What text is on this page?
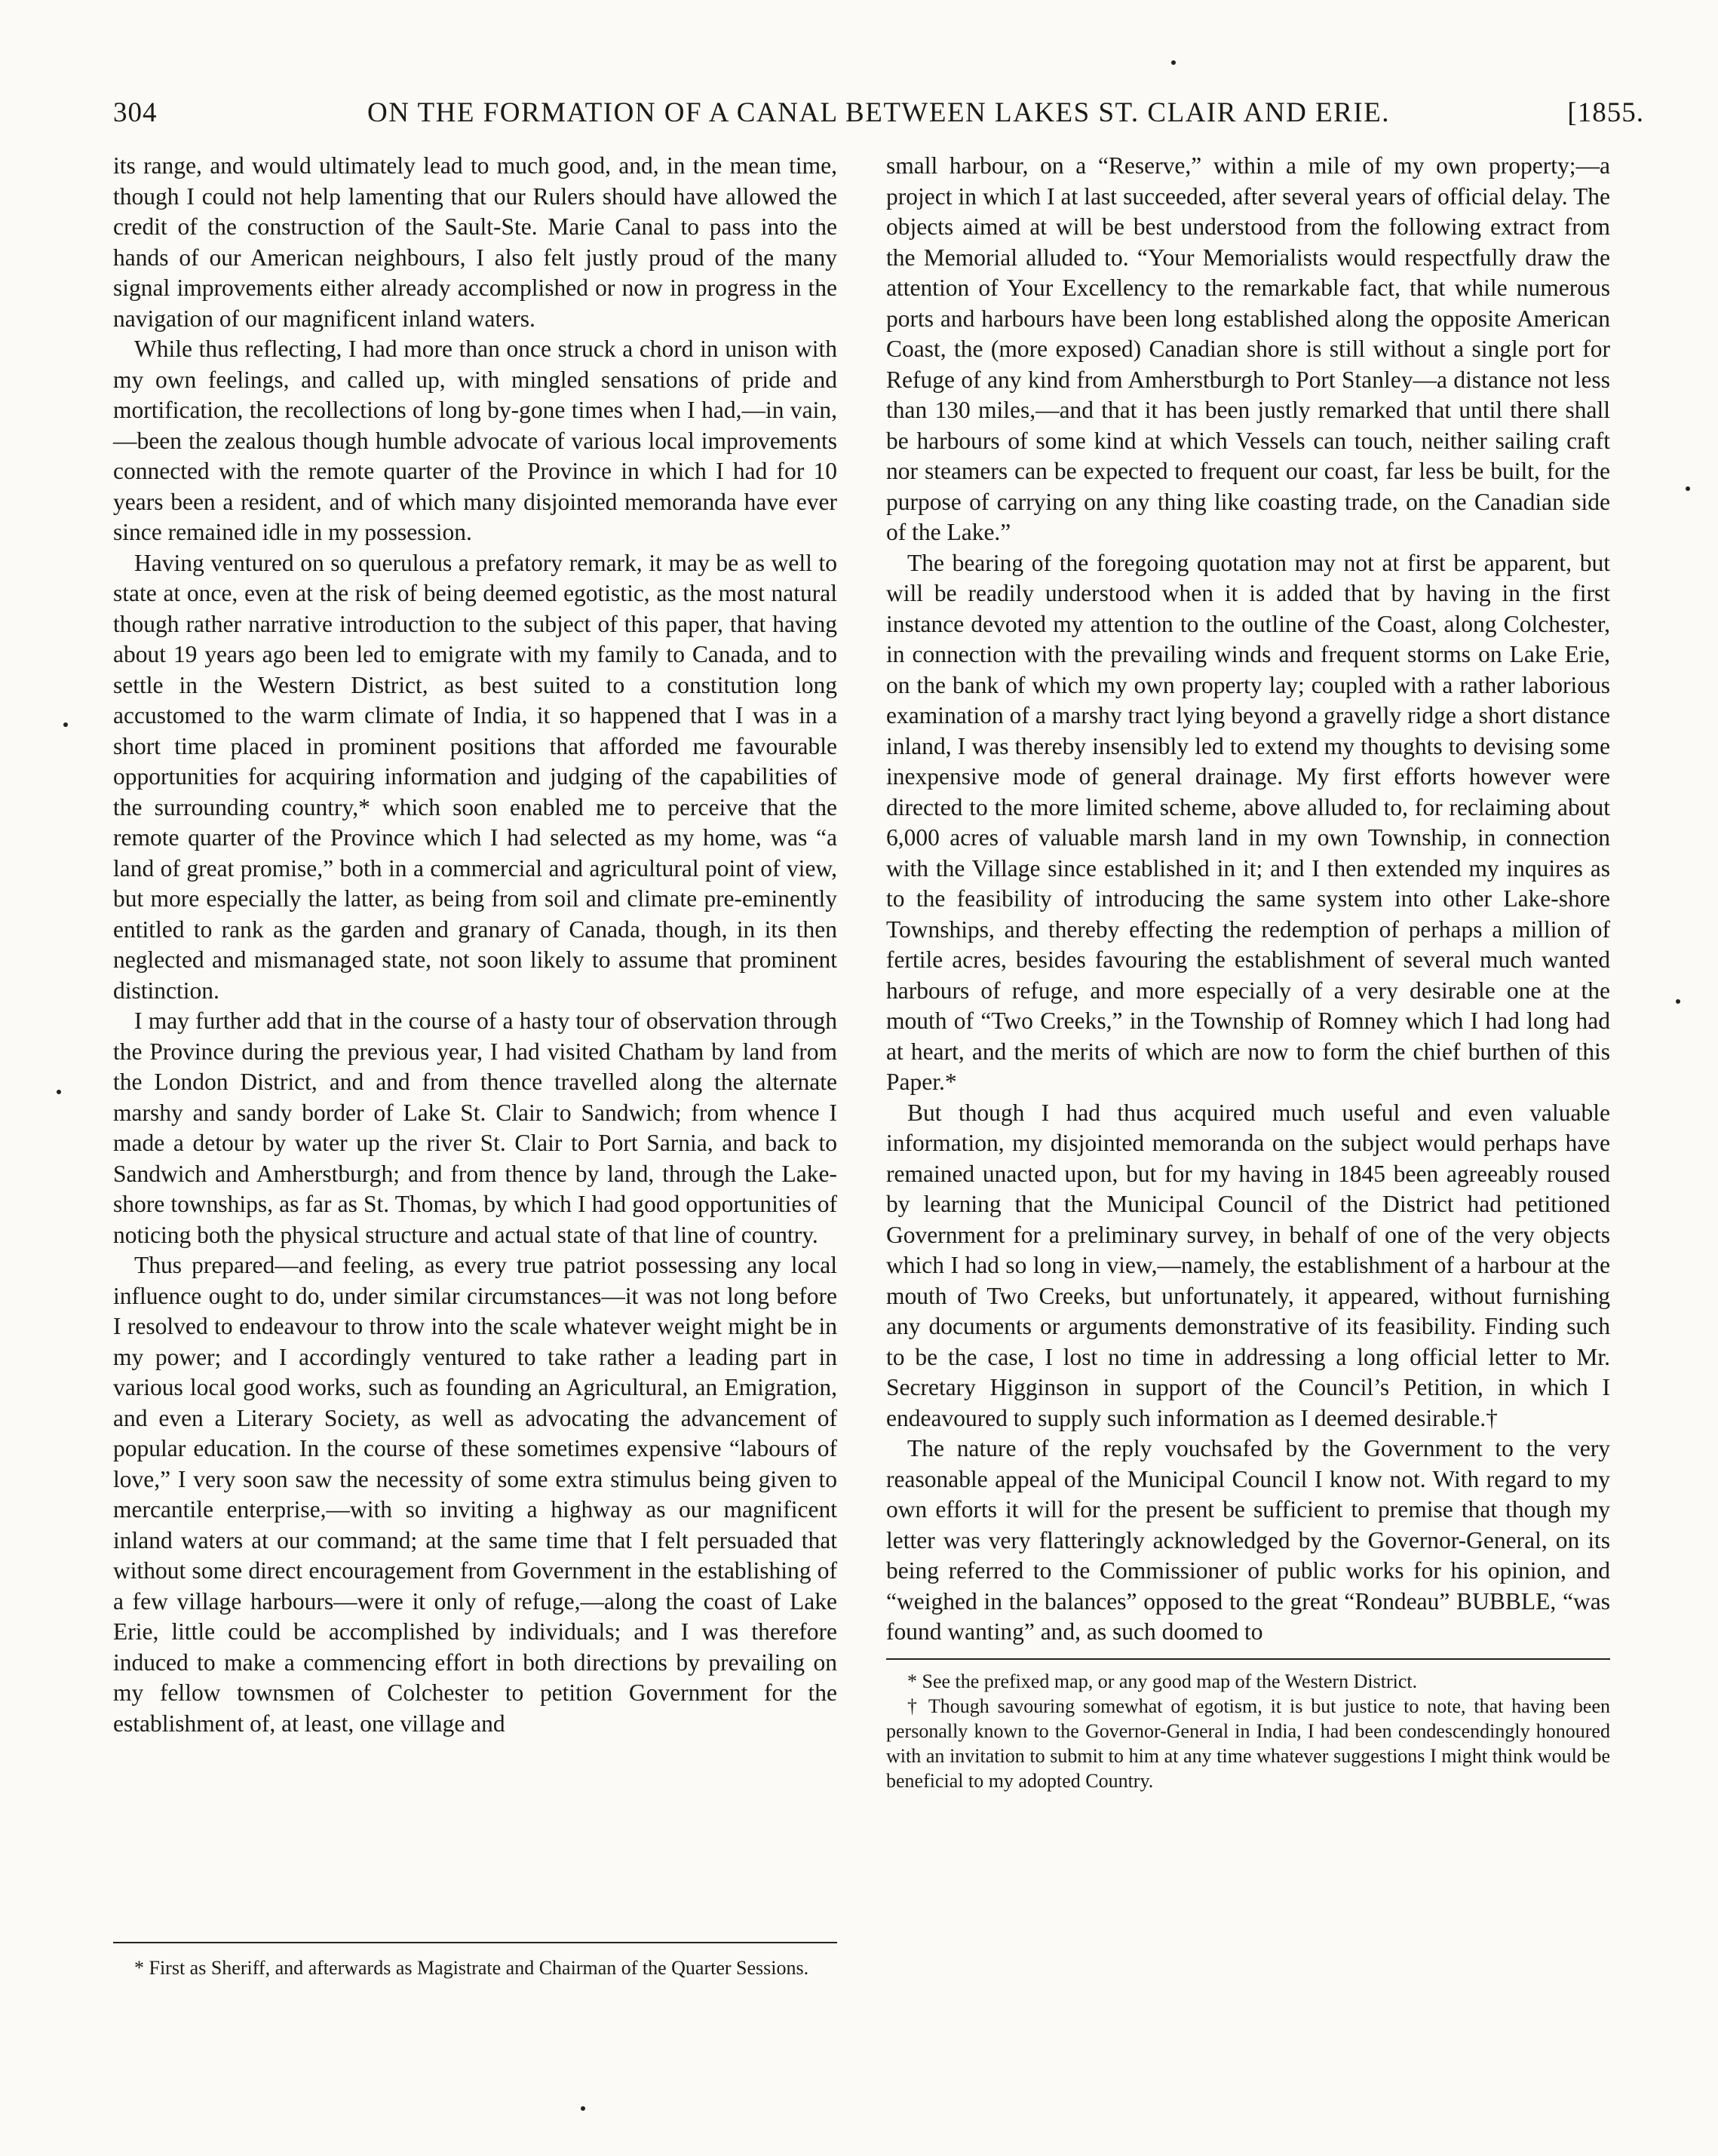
304	ON THE FORMATION OF A CANAL BETWEEN LAKES ST. CLAIR AND ERIE.	[1855.

its range, and would ultimately lead to much good, and, in the mean time, though I could not help lamenting that our Rulers should have allowed the credit of the construction of the Sault-Ste. Marie Canal to pass into the hands of our American neighbours, I also felt justly proud of the many signal improvements either already accomplished or now in progress in the navigation of our magnificent inland waters.

While thus reflecting, I had more than once struck a chord in unison with my own feelings, and called up, with mingled sensations of pride and mortification, the recollections of long by-gone times when I had,—in vain,—been the zealous though humble advocate of various local improvements connected with the remote quarter of the Province in which I had for 10 years been a resident, and of which many disjointed memoranda have ever since remained idle in my possession.

Having ventured on so querulous a prefatory remark, it may be as well to state at once, even at the risk of being deemed egotistic, as the most natural though rather narrative introduction to the subject of this paper, that having about 19 years ago been led to emigrate with my family to Canada, and to settle in the Western District, as best suited to a constitution long accustomed to the warm climate of India, it so happened that I was in a short time placed in prominent positions that afforded me favourable opportunities for acquiring information and judging of the capabilities of the surrounding country,* which soon enabled me to perceive that the remote quarter of the Province which I had selected as my home, was “a land of great promise,” both in a commercial and agricultural point of view, but more especially the latter, as being from soil and climate pre-eminently entitled to rank as the garden and granary of Canada, though, in its then neglected and mismanaged state, not soon likely to assume that prominent distinction.

I may further add that in the course of a hasty tour of observation through the Province during the previous year, I had visited Chatham by land from the London District, and and from thence travelled along the alternate marshy and sandy border of Lake St. Clair to Sandwich; from whence I made a detour by water up the river St. Clair to Port Sarnia, and back to Sandwich and Amherstburgh; and from thence by land, through the Lake-shore townships, as far as St. Thomas, by which I had good opportunities of noticing both the physical structure and actual state of that line of country.

Thus prepared—and feeling, as every true patriot possessing any local influence ought to do, under similar circumstances—it was not long before I resolved to endeavour to throw into the scale whatever weight might be in my power; and I accordingly ventured to take rather a leading part in various local good works, such as founding an Agricultural, an Emigration, and even a Literary Society, as well as advocating the advancement of popular education. In the course of these sometimes expensive “labours of love,” I very soon saw the necessity of some extra stimulus being given to mercantile enterprise,—with so inviting a highway as our magnificent inland waters at our command; at the same time that I felt persuaded that without some direct encouragement from Government in the establishing of a few village harbours—were it only of refuge,—along the coast of Lake Erie, little could be accomplished by individuals; and I was therefore induced to make a commencing effort in both directions by prevailing on my fellow townsmen of Colchester to petition Government for the establishment of, at least, one village and

* First as Sheriff, and afterwards as Magistrate and Chairman of the Quarter Sessions.

small harbour, on a “Reserve,” within a mile of my own property;—a project in which I at last succeeded, after several years of official delay. The objects aimed at will be best understood from the following extract from the Memorial alluded to. “Your Memorialists would respectfully draw the attention of Your Excellency to the remarkable fact, that while numerous ports and harbours have been long established along the opposite American Coast, the (more exposed) Canadian shore is still without a single port for Refuge of any kind from Amherstburgh to Port Stanley—a distance not less than 130 miles,—and that it has been justly remarked that until there shall be harbours of some kind at which Vessels can touch, neither sailing craft nor steamers can be expected to frequent our coast, far less be built, for the purpose of carrying on any thing like coasting trade, on the Canadian side of the Lake.”

The bearing of the foregoing quotation may not at first be apparent, but will be readily understood when it is added that by having in the first instance devoted my attention to the outline of the Coast, along Colchester, in connection with the prevailing winds and frequent storms on Lake Erie, on the bank of which my own property lay; coupled with a rather laborious examination of a marshy tract lying beyond a gravelly ridge a short distance inland, I was thereby insensibly led to extend my thoughts to devising some inexpensive mode of general drainage. My first efforts however were directed to the more limited scheme, above alluded to, for reclaiming about 6,000 acres of valuable marsh land in my own Township, in connection with the Village since established in it; and I then extended my inquires as to the feasibility of introducing the same system into other Lake-shore Townships, and thereby effecting the redemption of perhaps a million of fertile acres, besides favouring the establishment of several much wanted harbours of refuge, and more especially of a very desirable one at the mouth of “Two Creeks,” in the Township of Romney which I had long had at heart, and the merits of which are now to form the chief burthen of this Paper.*

But though I had thus acquired much useful and even valuable information, my disjointed memoranda on the subject would perhaps have remained unacted upon, but for my having in 1845 been agreeably roused by learning that the Municipal Council of the District had petitioned Government for a preliminary survey, in behalf of one of the very objects which I had so long in view,—namely, the establishment of a harbour at the mouth of Two Creeks, but unfortunately, it appeared, without furnishing any documents or arguments demonstrative of its feasibility. Finding such to be the case, I lost no time in addressing a long official letter to Mr. Secretary Higginson in support of the Council’s Petition, in which I endeavoured to supply such information as I deemed desirable.†

The nature of the reply vouchsafed by the Government to the very reasonable appeal of the Municipal Council I know not. With regard to my own efforts it will for the present be sufficient to premise that though my letter was very flatteringly acknowledged by the Governor-General, on its being referred to the Commissioner of public works for his opinion, and “weighed in the balances” opposed to the great “Rondeau” BUBBLE, “was found wanting” and, as such doomed to

* See the prefixed map, or any good map of the Western District.

† Though savouring somewhat of egotism, it is but justice to note, that having been personally known to the Governor-General in India, I had been condescendingly honoured with an invitation to submit to him at any time whatever suggestions I might think would be beneficial to my adopted Country.
